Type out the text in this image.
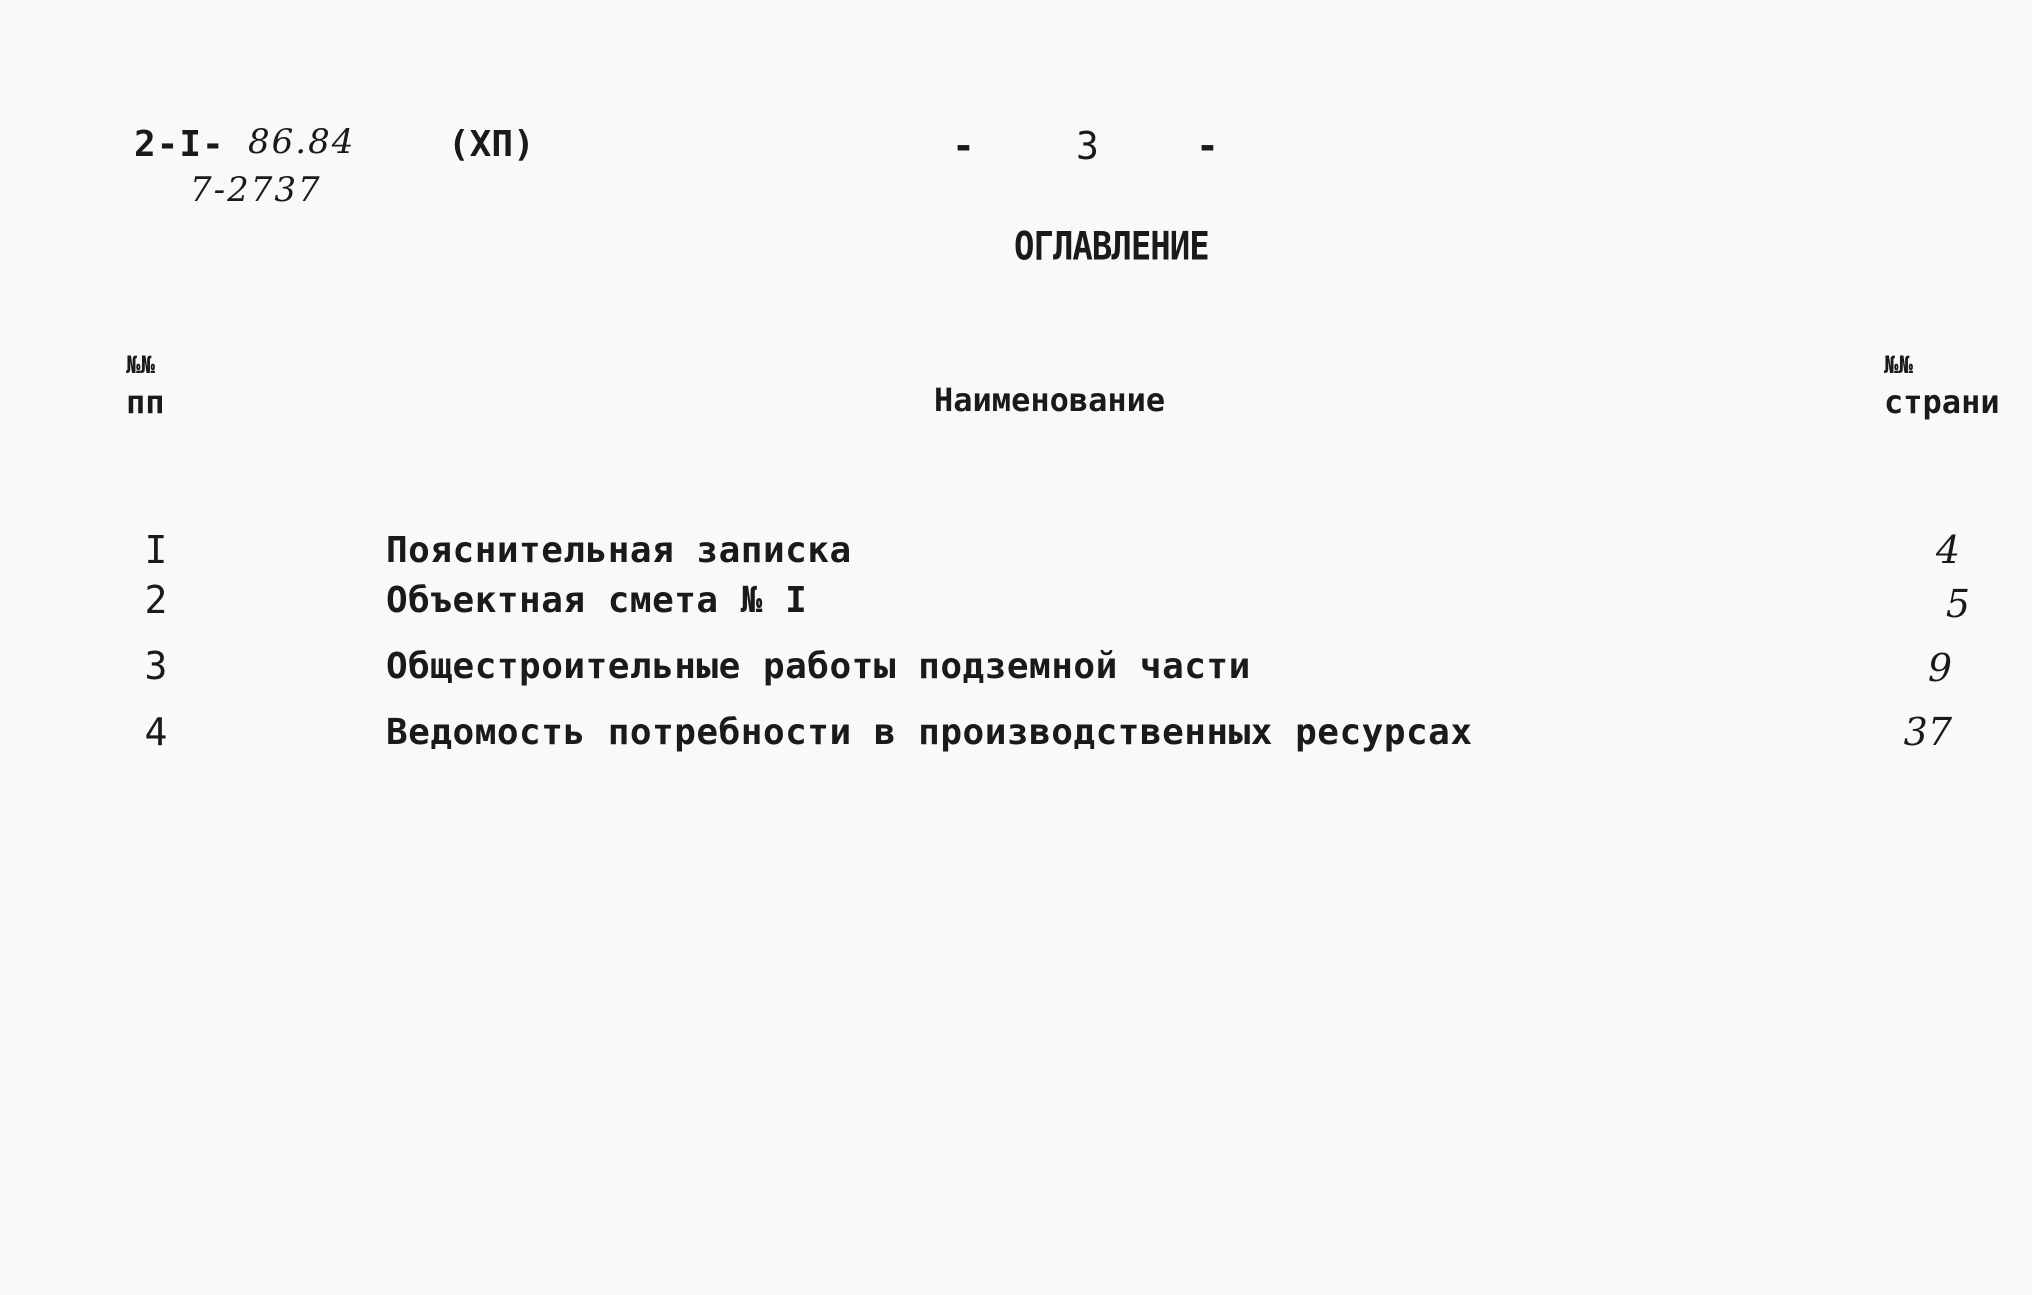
2-I- 86.84
7-2737
(XП)	-	3	-
ОГЛАВЛЕНИЕ
№№
пп	Наименование
№№
страни
I	Пояснительная записка	4
2	Объектная смета № I	5
3	Общестроительные работы подземной части	9
4	Ведомость потребности в производственных ресурсах	37
